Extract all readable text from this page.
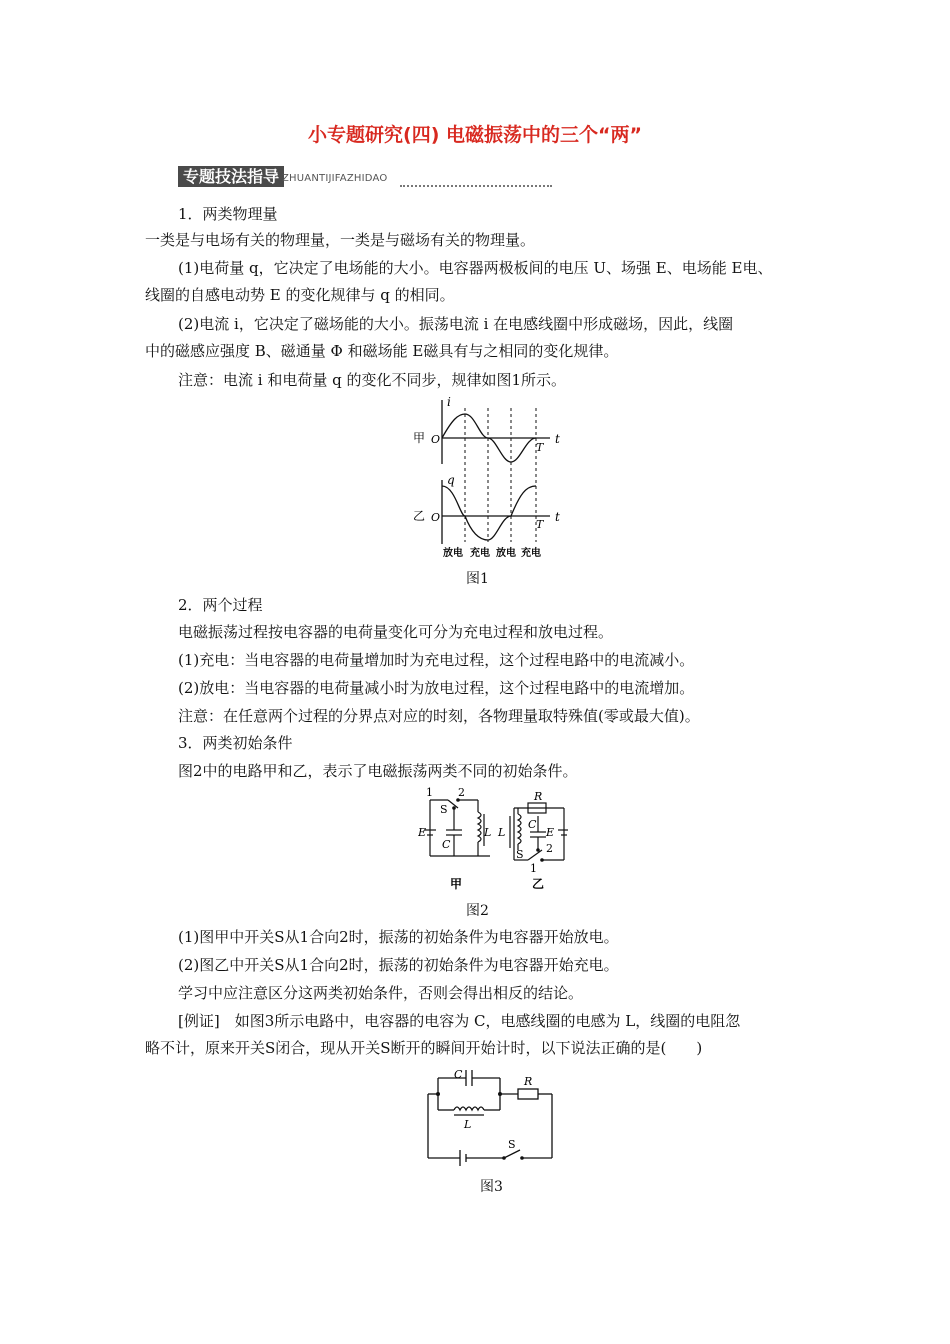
小专题研究(四) 电磁振荡中的三个“两”
专题技法指导 ZHUANTIJIFAZHIDAO
1．两类物理量
一类是与电场有关的物理量，一类是与磁场有关的物理量。
(1)电荷量 q，它决定了电场能的大小。电容器两极板间的电压 U、场强 E、电场能 E电、
线圈的自感电动势 E 的变化规律与 q 的相同。
(2)电流 i，它决定了磁场能的大小。振荡电流 i 在电感线圈中形成磁场，因此，线圈
中的磁感应强度 B、磁通量 Φ 和磁场能 E磁具有与之相同的变化规律。
注意：电流 i 和电荷量 q 的变化不同步，规律如图1所示。
i
甲 O
T
t
q
乙 O
T
t
放电 充电 放电 充电
图1
2．两个过程
电磁振荡过程按电容器的电荷量变化可分为充电过程和放电过程。
(1)充电：当电容器的电荷量增加时为充电过程，这个过程电路中的电流减小。
(2)放电：当电容器的电荷量减小时为放电过程，这个过程电路中的电流增加。
注意：在任意两个过程的分界点对应的时刻，各物理量取特殊值(零或最大值)。
3．两类初始条件
图2中的电路甲和乙，表示了电磁振荡两类不同的初始条件。
1 2
S
E
C
L L
R
C
E
S 2
1
甲	乙
图2
(1)图甲中开关S从1合向2时，振荡的初始条件为电容器开始放电。
(2)图乙中开关S从1合向2时，振荡的初始条件为电容器开始充电。
学习中应注意区分这两类初始条件，否则会得出相反的结论。
[例证]　如图3所示电路中，电容器的电容为 C，电感线圈的电感为 L，线圈的电阻忽
略不计，原来开关S闭合，现从开关S断开的瞬间开始计时，以下说法正确的是(　　)
C
L
R
S
图3
